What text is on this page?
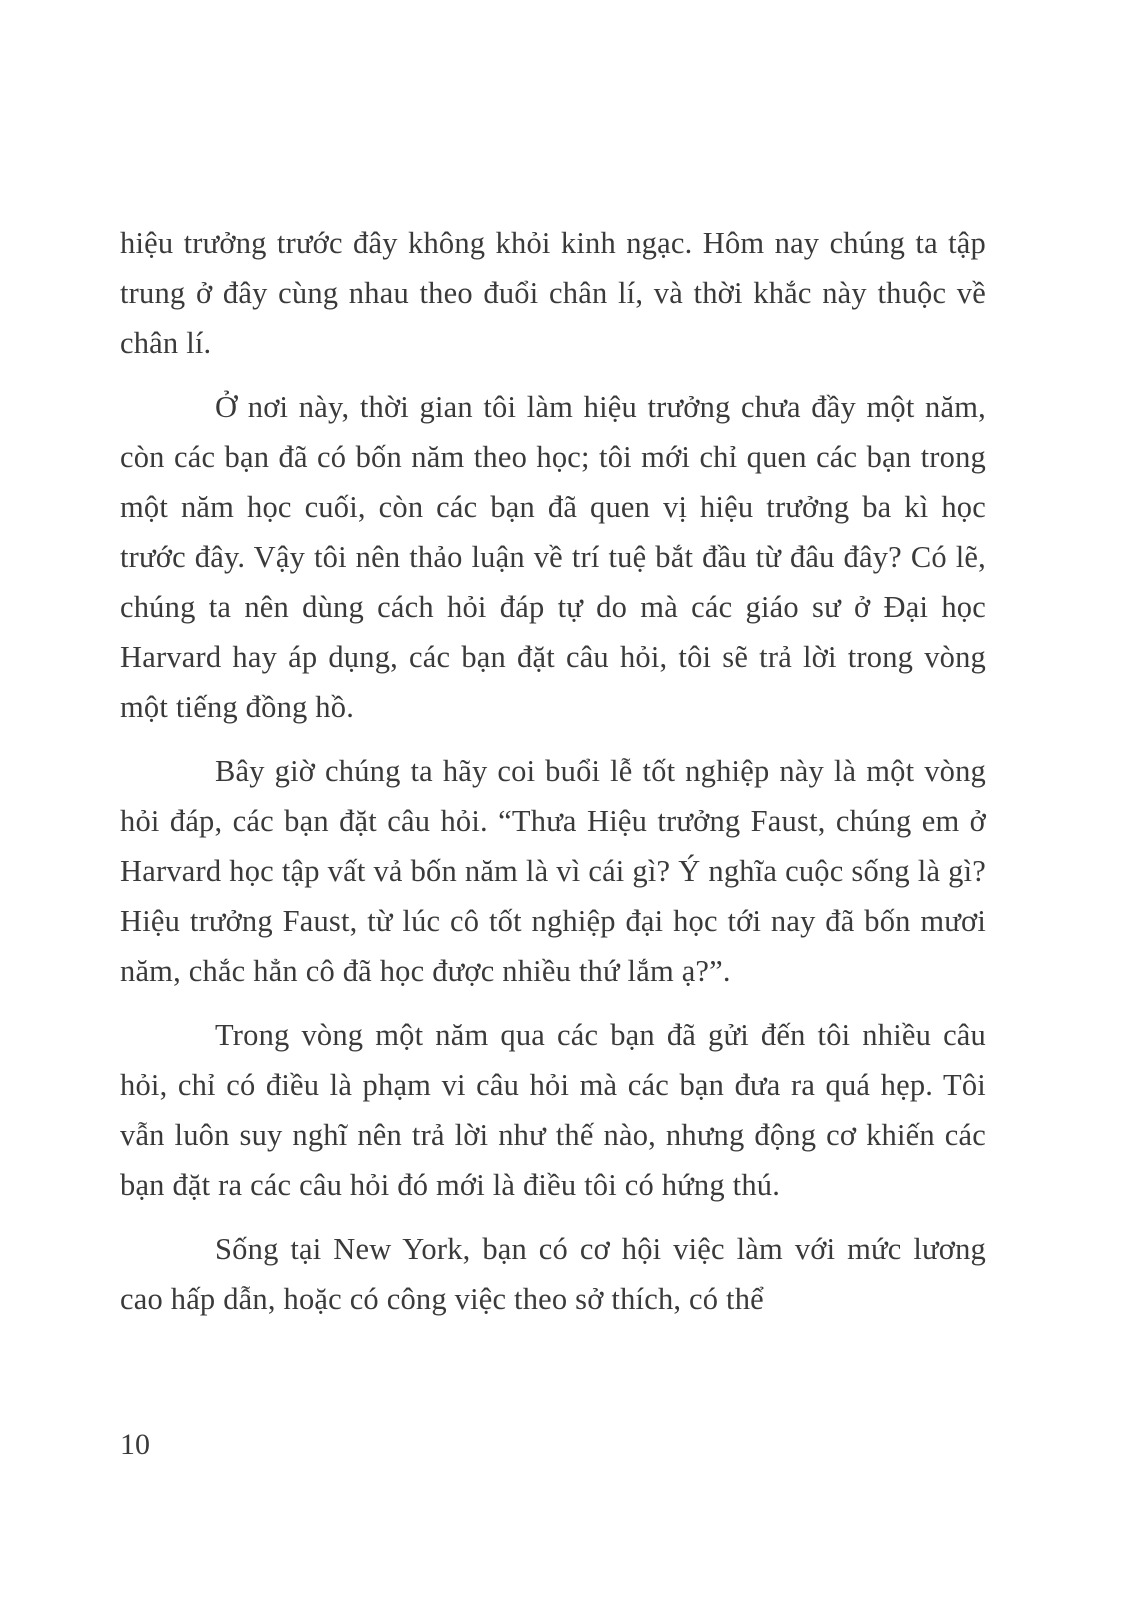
hiệu trưởng trước đây không khỏi kinh ngạc. Hôm nay chúng ta tập trung ở đây cùng nhau theo đuổi chân lí, và thời khắc này thuộc về chân lí.

Ở nơi này, thời gian tôi làm hiệu trưởng chưa đầy một năm, còn các bạn đã có bốn năm theo học; tôi mới chỉ quen các bạn trong một năm học cuối, còn các bạn đã quen vị hiệu trưởng ba kì học trước đây. Vậy tôi nên thảo luận về trí tuệ bắt đầu từ đâu đây? Có lẽ, chúng ta nên dùng cách hỏi đáp tự do mà các giáo sư ở Đại học Harvard hay áp dụng, các bạn đặt câu hỏi, tôi sẽ trả lời trong vòng một tiếng đồng hồ.

Bây giờ chúng ta hãy coi buổi lễ tốt nghiệp này là một vòng hỏi đáp, các bạn đặt câu hỏi. “Thưa Hiệu trưởng Faust, chúng em ở Harvard học tập vất vả bốn năm là vì cái gì? Ý nghĩa cuộc sống là gì? Hiệu trưởng Faust, từ lúc cô tốt nghiệp đại học tới nay đã bốn mươi năm, chắc hẳn cô đã học được nhiều thứ lắm ạ?”.

Trong vòng một năm qua các bạn đã gửi đến tôi nhiều câu hỏi, chỉ có điều là phạm vi câu hỏi mà các bạn đưa ra quá hẹp. Tôi vẫn luôn suy nghĩ nên trả lời như thế nào, nhưng động cơ khiến các bạn đặt ra các câu hỏi đó mới là điều tôi có hứng thú.

Sống tại New York, bạn có cơ hội việc làm với mức lương cao hấp dẫn, hoặc có công việc theo sở thích, có thể

10
